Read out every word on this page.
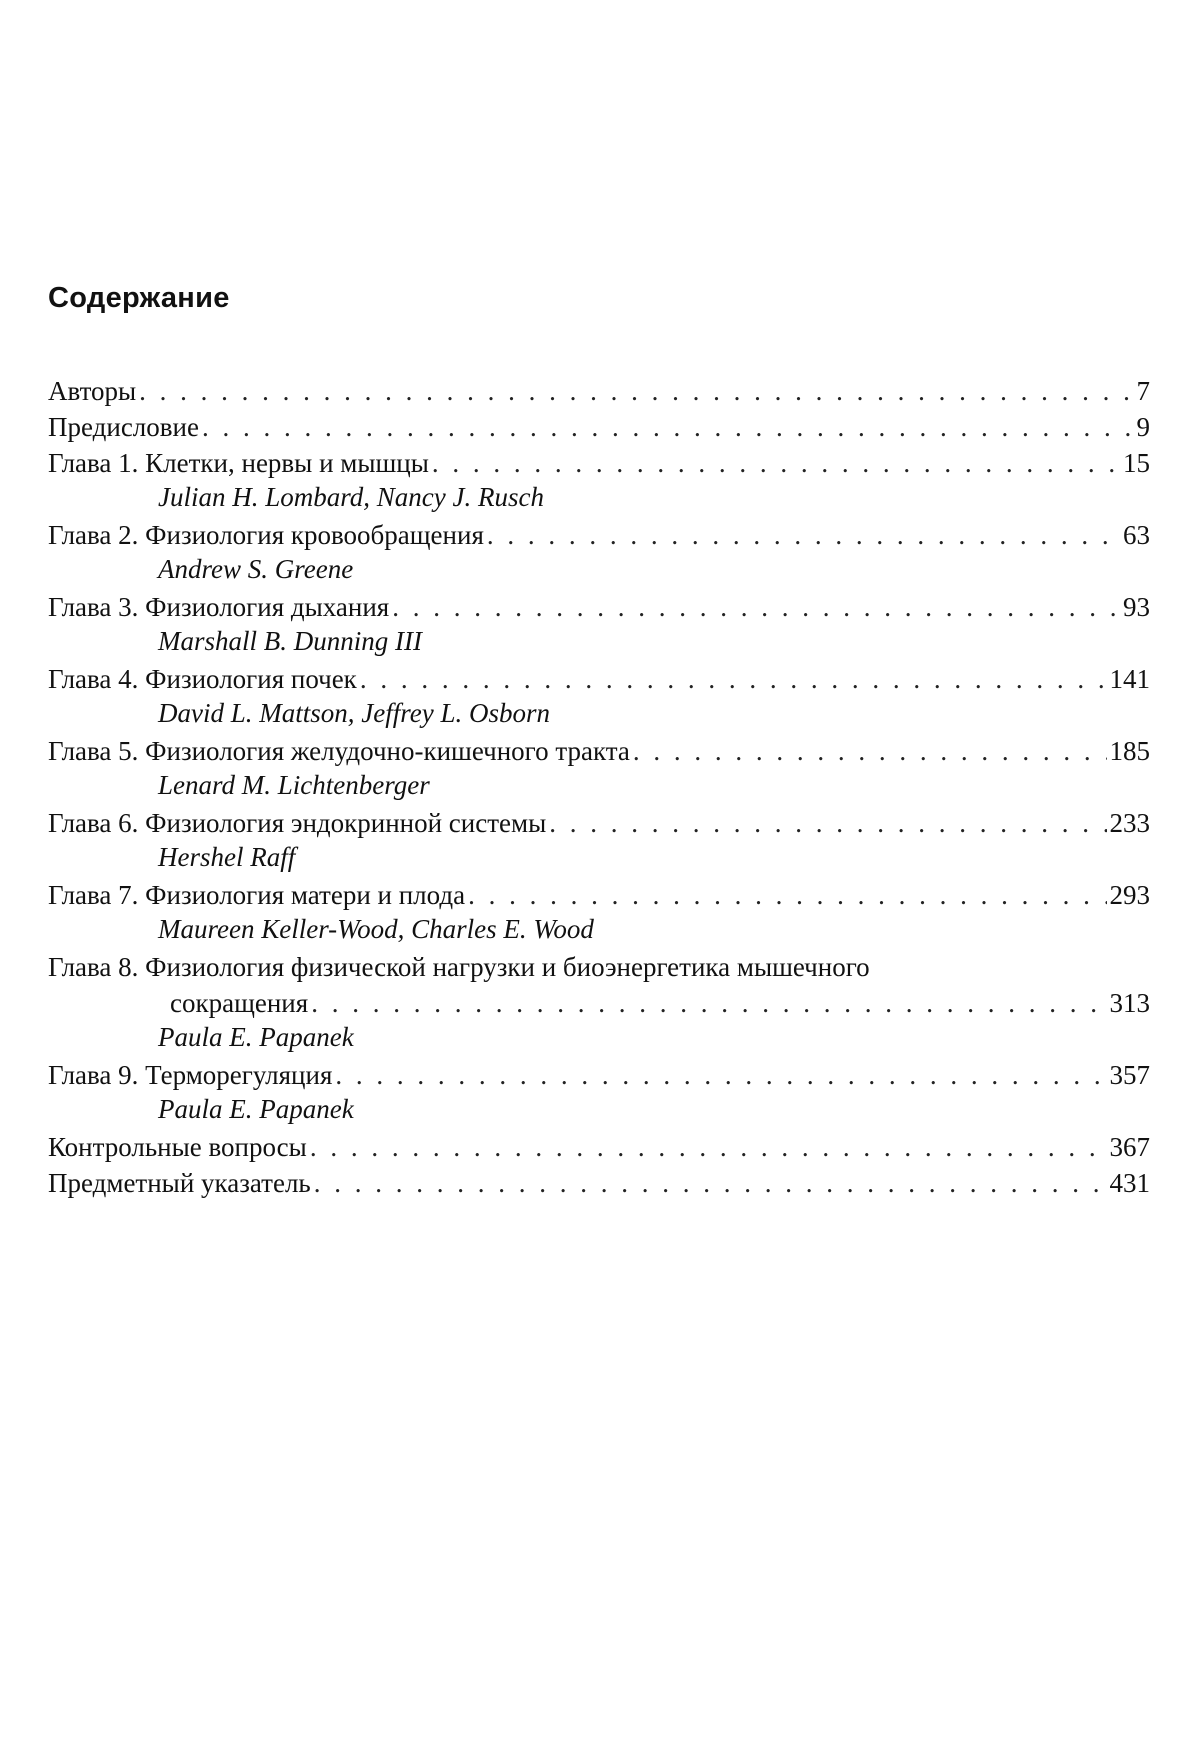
Содержание
Авторы . . .	7
Предисловие . . .	9
Глава 1. Клетки, нервы и мышцы . . .	15
Julian H. Lombard, Nancy J. Rusch
Глава 2. Физиология кровообращения . . .	63
Andrew S. Greene
Глава 3. Физиология дыхания . . .	93
Marshall B. Dunning III
Глава 4. Физиология почек . . .	141
David L. Mattson, Jeffrey L. Osborn
Глава 5. Физиология желудочно-кишечного тракта . . .	185
Lenard M. Lichtenberger
Глава 6. Физиология эндокринной системы . . .	233
Hershel Raff
Глава 7. Физиология матери и плода . . .	293
Maureen Keller-Wood, Charles E. Wood
Глава 8. Физиология физической нагрузки и биоэнергетика мышечного
сокращения . . .	313
Paula E. Papanek
Глава 9. Терморегуляция . . .	357
Paula E. Papanek
Контрольные вопросы . . .	367
Предметный указатель . . .	431
